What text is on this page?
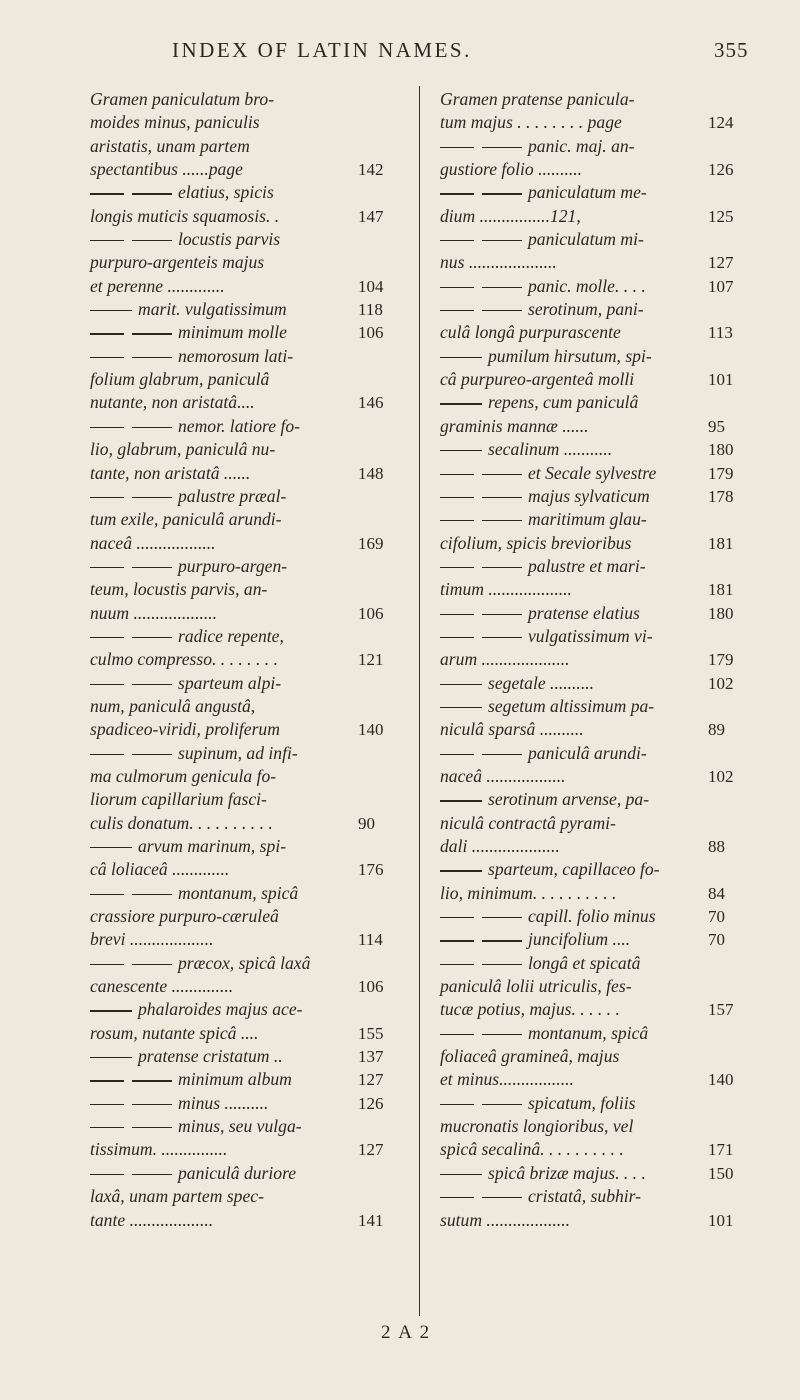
INDEX OF LATIN NAMES.	355
Gramen paniculatum bro-
moides minus, paniculis
aristatis, unam partem
spectantibus ......page	142
elatius, spicis
longis muticis squamosis. .	147
locustis parvis
purpuro-argenteis majus
et perenne .............	104
marit. vulgatissimum	118
minimum molle	106
nemorosum lati-
folium glabrum, paniculâ
nutante, non aristatâ....	146
nemor. latiore fo-
lio, glabrum, paniculâ nu-
tante, non aristatâ ......	148
palustre præal-
tum exile, paniculâ arundi-
naceâ ..................	169
purpuro-argen-
teum, locustis parvis, an-
nuum ...................	106
radice repente,
culmo compresso. . . . . . . .	121
sparteum alpi-
num, paniculâ angustâ,
spadiceo-viridi, proliferum	140
supinum, ad infi-
ma culmorum genicula fo-
liorum capillarium fasci-
culis donatum. . . . . . . . . .	90
arvum marinum, spi-
câ loliaceâ .............	176
montanum, spicâ
crassiore purpuro-cæruleâ
brevi ...................	114
præcox, spicâ laxâ
canescente ..............	106
phalaroides majus ace-
rosum, nutante spicâ ....	155
pratense cristatum ..	137
minimum album	127
minus ..........	126
minus, seu vulga-
tissimum. ...............	127
paniculâ duriore
laxâ, unam partem spec-
tante ...................	141
Gramen pratense panicula-
tum majus . . . . . . . . page	124
panic. maj. an-
gustiore folio ..........	126
paniculatum me-
dium ................121,	125
paniculatum mi-
nus ....................	127
panic. molle. . . .	107
serotinum, pani-
culâ longâ purpurascente	113
pumilum hirsutum, spi-
câ purpureo-argenteâ molli	101
repens, cum paniculâ
graminis mannæ ......	95
secalinum ...........	180
et Secale sylvestre	179
majus sylvaticum	178
maritimum glau-
cifolium, spicis brevioribus	181
palustre et mari-
timum ...................	181
pratense elatius	180
vulgatissimum vi-
arum ....................	179
segetale ..........	102
segetum altissimum pa-
niculâ sparsâ ..........	89
paniculâ arundi-
naceâ ..................	102
serotinum arvense, pa-
niculâ contractâ pyrami-
dali ....................	88
sparteum, capillaceo fo-
lio, minimum. . . . . . . . . .	84
capill. folio minus	70
juncifolium ....	70
longâ et spicatâ
paniculâ lolii utriculis, fes-
tucæ potius, majus. . . . . .	157
montanum, spicâ
foliaceâ gramineâ, majus
et minus.................	140
spicatum, foliis
mucronatis longioribus, vel
spicâ secalinâ. . . . . . . . . .	171
spicâ brizæ majus. . . .	150
cristatâ, subhir-
sutum ...................	101
2 A 2
